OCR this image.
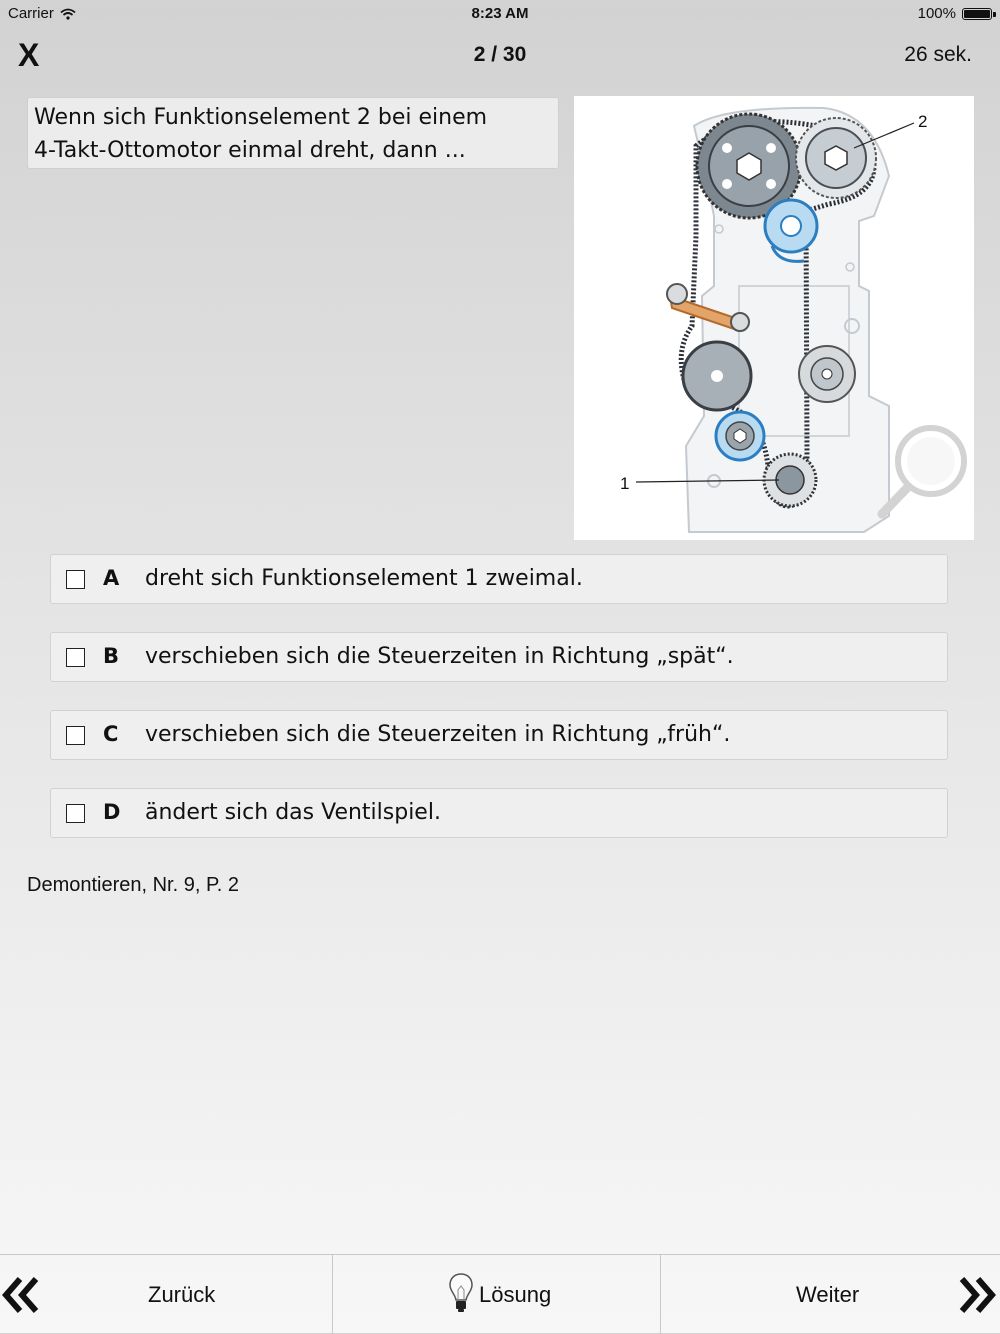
Carrier	8:23 AM	100%
X	2 / 30	26 sek.
Wenn sich Funktionselement 2 bei einem
4-Takt-Ottomotor einmal dreht, dann ...
1
2
A dreht sich Funktionselement 1 zweimal.
B verschieben sich die Steuerzeiten in Richtung „spät“.
C verschieben sich die Steuerzeiten in Richtung „früh“.
D ändert sich das Ventilspiel.
Demontieren, Nr. 9, P. 2
Zurück	Lösung	Weiter
